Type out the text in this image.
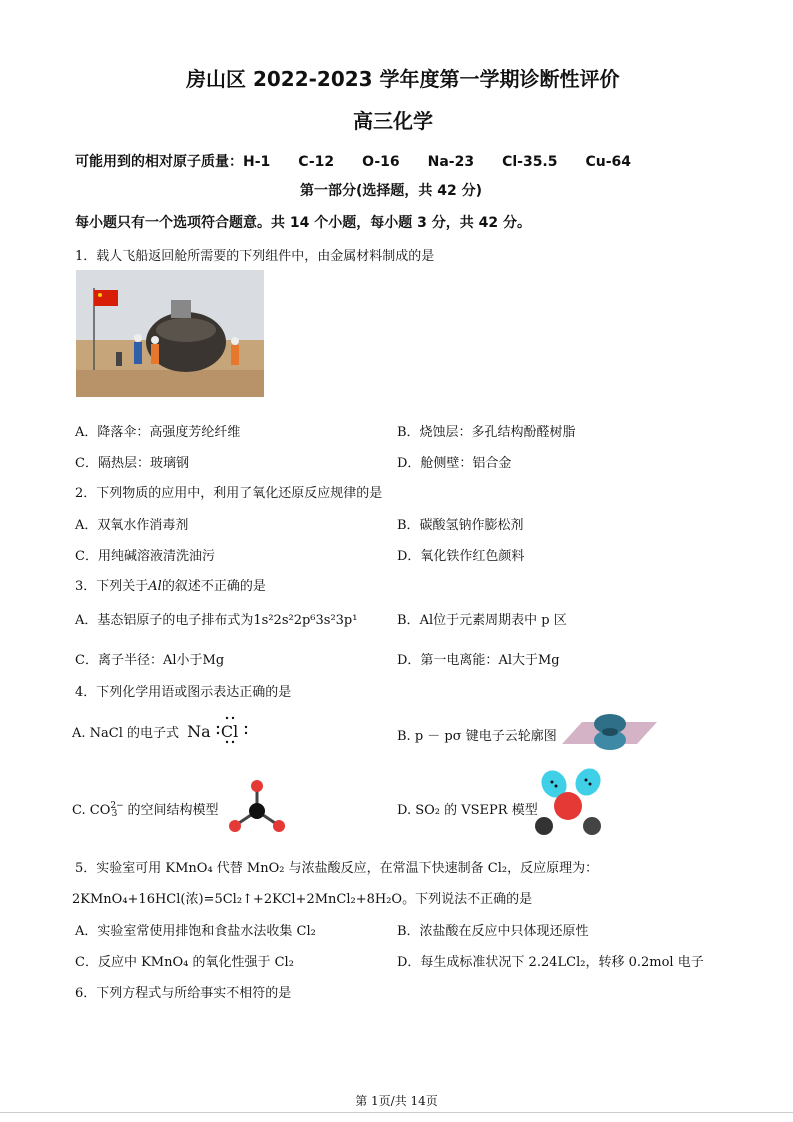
房山区 2022-2023 学年度第一学期诊断性评价
高三化学
可能用到的相对原子质量：H-1　　C-12　　O-16　　Na-23　　Cl-35.5　　Cu-64
第一部分(选择题，共 42 分)
每小题只有一个选项符合题意。共 14 个小题，每小题 3 分，共 42 分。
1．载人飞船返回舱所需要的下列组件中，由金属材料制成的是
A．降落伞：高强度芳纶纤维	B．烧蚀层：多孔结构酚醛树脂
C．隔热层：玻璃钢	D．舱侧壁：铝合金
2．下列物质的应用中，利用了氧化还原反应规律的是
A．双氧水作消毒剂	B．碳酸氢钠作膨松剂
C．用纯碱溶液清洗油污	D．氧化铁作红色颜料
3．下列关于Al的叙述不正确的是
A．基态铝原子的电子排布式为1s²2s²2p⁶3s²3p¹	B．Al位于元素周期表中 p 区
C．离子半径：Al小于Mg	D．第一电离能：Al大于Mg
4．下列化学用语或图示表达正确的是
A. NaCl 的电子式 Na Cl	B. p － pσ 键电子云轮廓图
C. $CO^{2-}_3$ 的空间结构模型	D. SO₂ 的 VSEPR 模型
5．实验室可用 KMnO₄ 代替 MnO₂ 与浓盐酸反应，在常温下快速制备 Cl₂，反应原理为：
2KMnO₄+16HCl(浓)=5Cl₂↑+2KCl+2MnCl₂+8H₂O。下列说法不正确的是
A．实验室常使用排饱和食盐水法收集 Cl₂	B．浓盐酸在反应中只体现还原性
C．反应中 KMnO₄ 的氧化性强于 Cl₂	D．每生成标准状况下 2.24LCl₂，转移 0.2mol 电子
6．下列方程式与所给事实不相符的是
第 1页/共 14页
